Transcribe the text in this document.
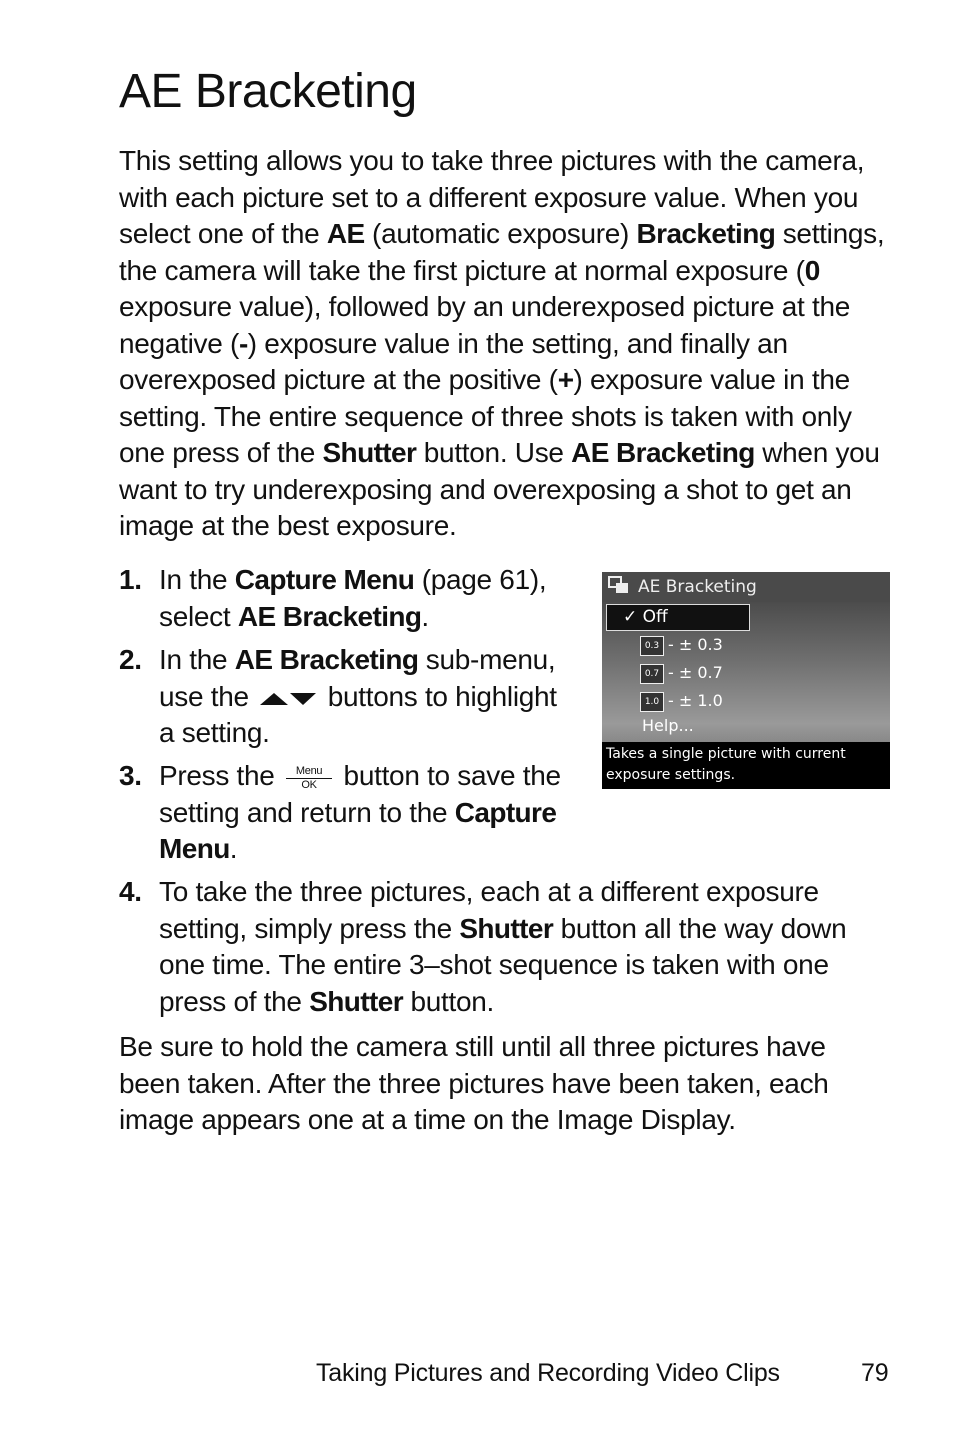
AE Bracketing

This setting allows you to take three pictures with the camera, with each picture set to a different exposure value. When you select one of the AE (automatic exposure) Bracketing settings, the camera will take the first picture at normal exposure (0 exposure value), followed by an underexposed picture at the negative (-) exposure value in the setting, and finally an overexposed picture at the positive (+) exposure value in the setting. The entire sequence of three shots is taken with only one press of the Shutter button. Use AE Bracketing when you want to try underexposing and overexposing a shot to get an image at the best exposure.

1. In the Capture Menu (page 61), select AE Bracketing.
2. In the AE Bracketing sub-menu, use the  buttons to highlight a setting.
3. Press the	Menu
OK button to save the setting and return to the Capture Menu.
AE Bracketing
✓ Off
0.3 - ± 0.3
0.7 - ± 0.7
1.0 - ± 1.0
Help...
Takes a single picture with current exposure settings.
4. To take the three pictures, each at a different exposure setting, simply press the Shutter button all the way down one time. The entire 3–shot sequence is taken with one press of the Shutter button.

Be sure to hold the camera still until all three pictures have been taken. After the three pictures have been taken, each image appears one at a time on the Image Display.

Taking Pictures and Recording Video Clips	79
